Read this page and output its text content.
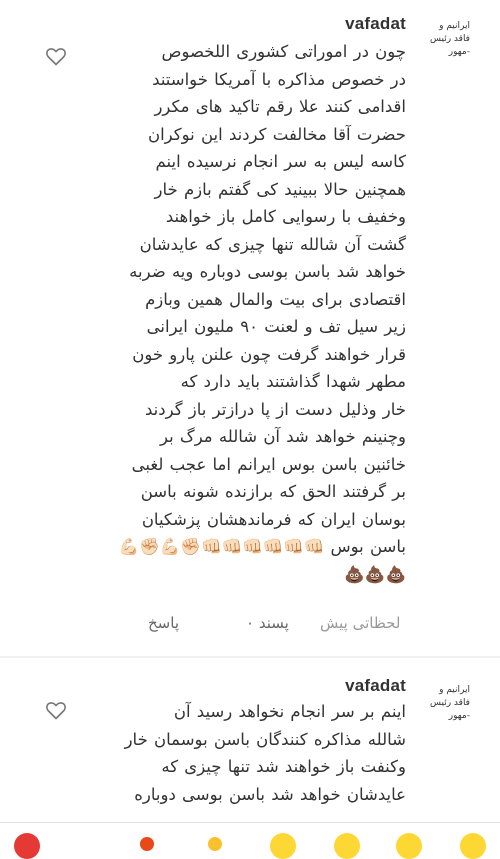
vafadat	ایرانیم و فاقد رئیس -مهور
چون در اموراتی کشوری اللخصوص
در خصوص مذاکره با آمریکا خواستند
اقدامی کنند علا رقم تاکید های مکرر
حضرت آقا مخالفت کردند این نوکران
کاسه لیس به سر انجام نرسیده اینم
همچنین حالا ببینید کی گفتم بازم خار
وخفیف با رسوایی کامل باز خواهند
گشت آن شالله تنها چیزی که عایدشان
خواهد شد باسن بوسی دوباره ویه ضربه
اقتصادی برای بیت والمال همین وبازم
زیر سیل تف و لعنت ۹۰ ملیون ایرانی
قرار خواهند گرفت چون علنن پارو خون
مطهر شهدا گذاشتند باید دارد که
خار وذلیل دست از پا درازتر باز گردند
وچنینم خواهد شد آن شالله مرگ بر
خائنین باسن بوس ایرانم اما عجب لغبی
بر گرفتند الحق که برازنده شونه باسن
بوسان ایران که فرماندهشان پزشکیان
باسن بوس 👊🏻👊🏻👊🏻👊🏻👊🏻👊🏻✊🏻💪🏻✊🏻💪🏻
💩💩💩
پاسخ	۰ پسند لحظاتی پیش
vafadat	ایرانیم و فاقد رئیس -مهور
اینم بر سر انجام نخواهد رسید آن
شالله مذاکره کنندگان باسن بوسمان خار
وکنفت باز خواهند شد تنها چیزی که
عایدشان خواهد شد باسن بوسی دوباره
